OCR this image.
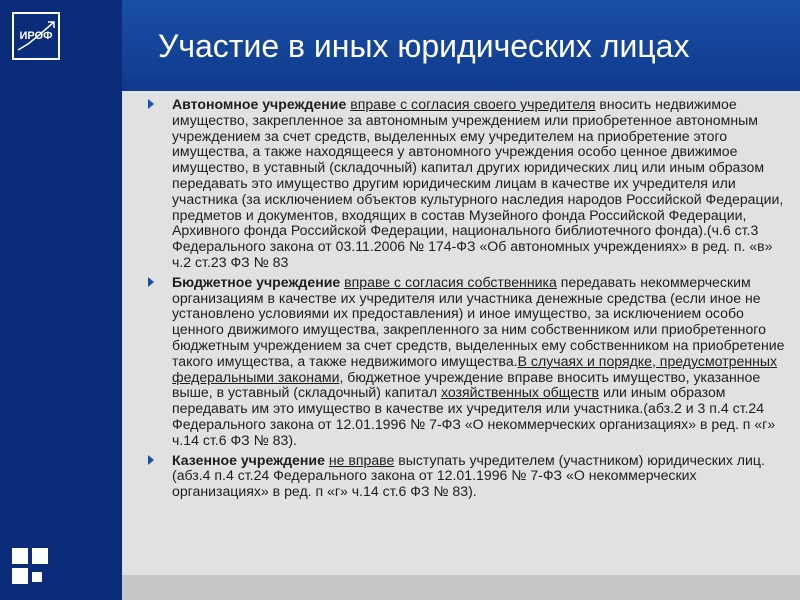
ИРОФ	Участие в иных юридических лицах
Автономное учреждение вправе с согласия своего учредителя вносить недвижимое имущество, закрепленное за автономным учреждением или приобретенное автономным учреждением за счет средств, выделенных ему учредителем на приобретение этого имущества, а также находящееся у автономного учреждения особо ценное движимое имущество, в уставный (складочный) капитал других юридических лиц или иным образом передавать это имущество другим юридическим лицам в качестве их учредителя или участника (за исключением объектов культурного наследия народов Российской Федерации, предметов и документов, входящих в состав Музейного фонда Российской Федерации, Архивного фонда Российской Федерации, национального библиотечного фонда).(ч.6 ст.3 Федерального закона от 03.11.2006 № 174-ФЗ «Об автономных учреждениях» в ред. п. «в» ч.2 ст.23 ФЗ № 83
Бюджетное учреждение вправе с согласия собственника передавать некоммерческим организациям в качестве их учредителя или участника денежные средства (если иное не установлено условиями их предоставления) и иное имущество, за исключением особо ценного движимого имущества, закрепленного за ним собственником или приобретенного бюджетным учреждением за счет средств, выделенных ему собственником на приобретение такого имущества, а также недвижимого имущества.В случаях и порядке, предусмотренных федеральными законами, бюджетное учреждение вправе вносить имущество, указанное выше, в уставный (складочный) капитал хозяйственных обществ или иным образом передавать им это имущество в качестве их учредителя или участника.(абз.2 и 3 п.4 ст.24 Федерального закона от 12.01.1996 № 7-ФЗ «О некоммерческих организациях» в ред. п «г» ч.14 ст.6 ФЗ № 83).
Казенное учреждение не вправе выступать учредителем (участником) юридических лиц.(абз.4 п.4 ст.24 Федерального закона от 12.01.1996 № 7-ФЗ «О некоммерческих организациях» в ред. п «г» ч.14 ст.6 ФЗ № 83).
